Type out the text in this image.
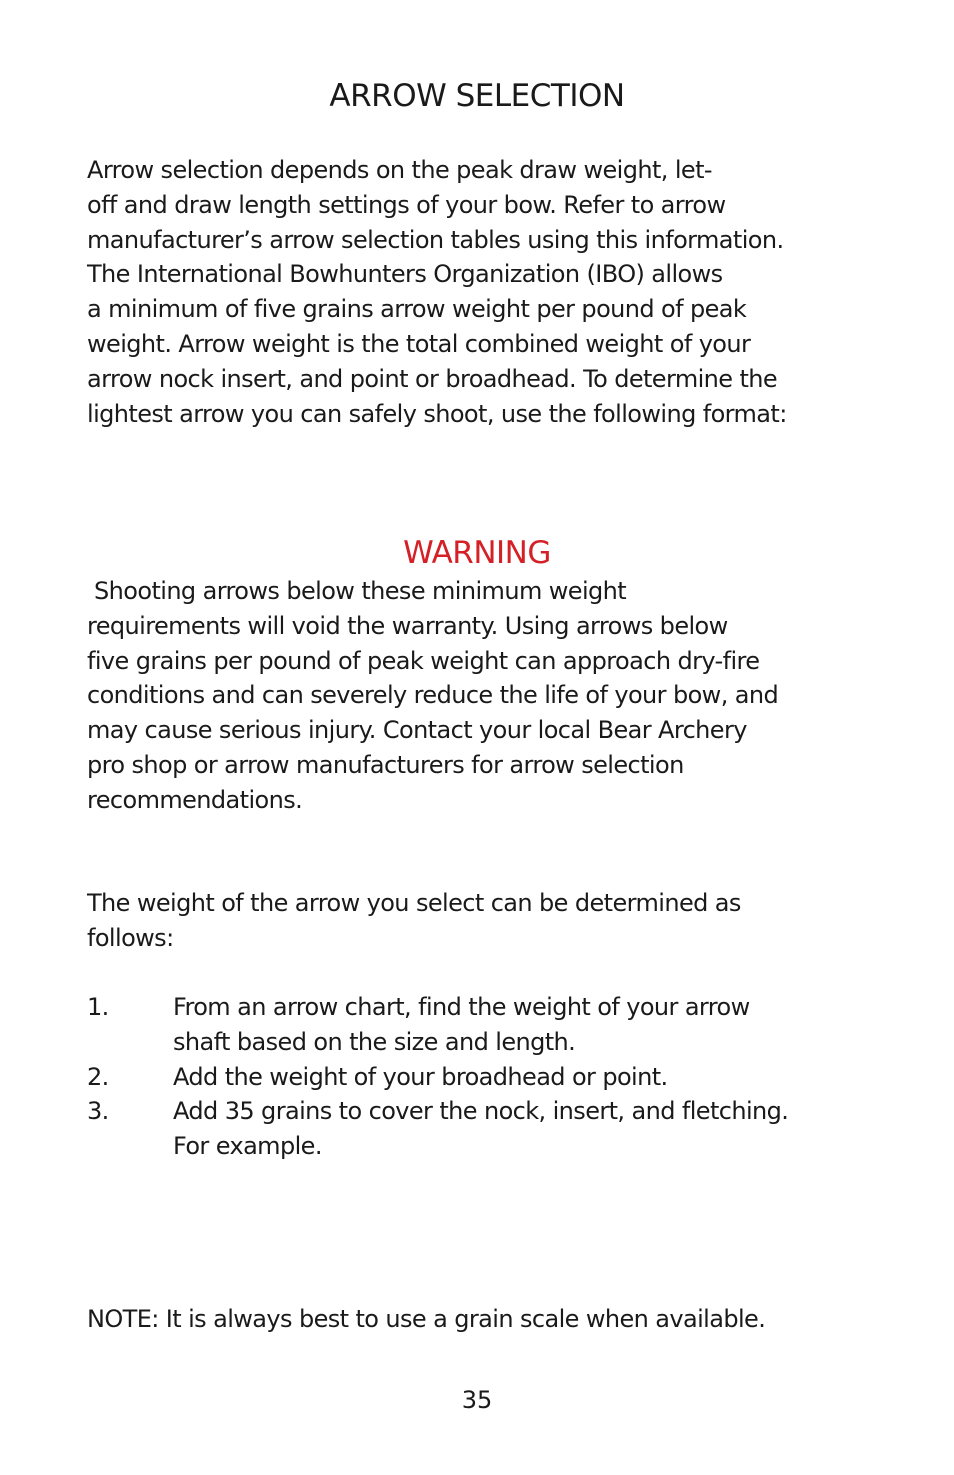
ARROW SELECTION

Arrow selection depends on the peak draw weight, let-
off and draw length settings of your bow. Refer to arrow
manufacturer’s arrow selection tables using this information.
The International Bowhunters Organization (IBO) allows
a minimum of five grains arrow weight per pound of peak
weight. Arrow weight is the total combined weight of your
arrow nock insert, and point or broadhead. To determine the
lightest arrow you can safely shoot, use the following format:

WARNING

Shooting arrows below these minimum weight
requirements will void the warranty. Using arrows below
five grains per pound of peak weight can approach dry-fire
conditions and can severely reduce the life of your bow, and
may cause serious injury. Contact your local Bear Archery
pro shop or arrow manufacturers for arrow selection
recommendations.

The weight of the arrow you select can be determined as
follows:

1.	From an arrow chart, find the weight of your arrow
shaft based on the size and length.
2.	Add the weight of your broadhead or point.
3.	Add 35 grains to cover the nock, insert, and fletching.
For example.

NOTE: It is always best to use a grain scale when available.

35
